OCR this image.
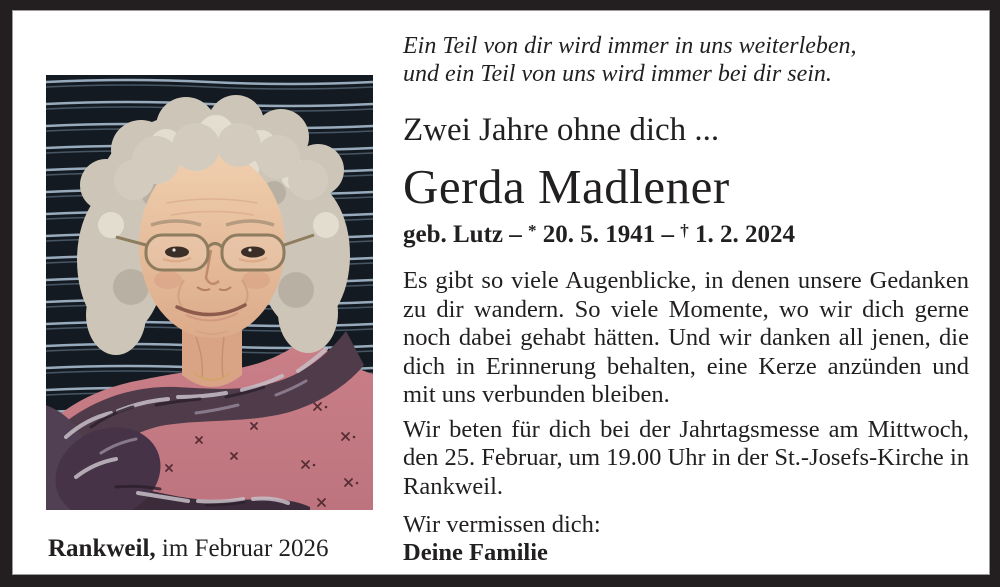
Rankweil, im Februar 2026

Ein Teil von dir wird immer in uns weiterleben,
und ein Teil von uns wird immer bei dir sein.

Zwei Jahre ohne dich ...

Gerda Madlener

geb. Lutz – * 20. 5. 1941 – † 1. 2. 2024

Es gibt so viele Augenblicke, in denen unsere Gedanken zu dir wandern. So viele Momente, wo wir dich gerne noch dabei gehabt hätten. Und wir danken all jenen, die dich in Erinnerung behalten, eine Kerze anzünden und mit uns verbunden bleiben.

Wir beten für dich bei der Jahrtagsmesse am Mittwoch, den 25. Februar, um 19.00 Uhr in der St.-Josefs-Kirche in Rankweil.

Wir vermissen dich:
Deine Familie
